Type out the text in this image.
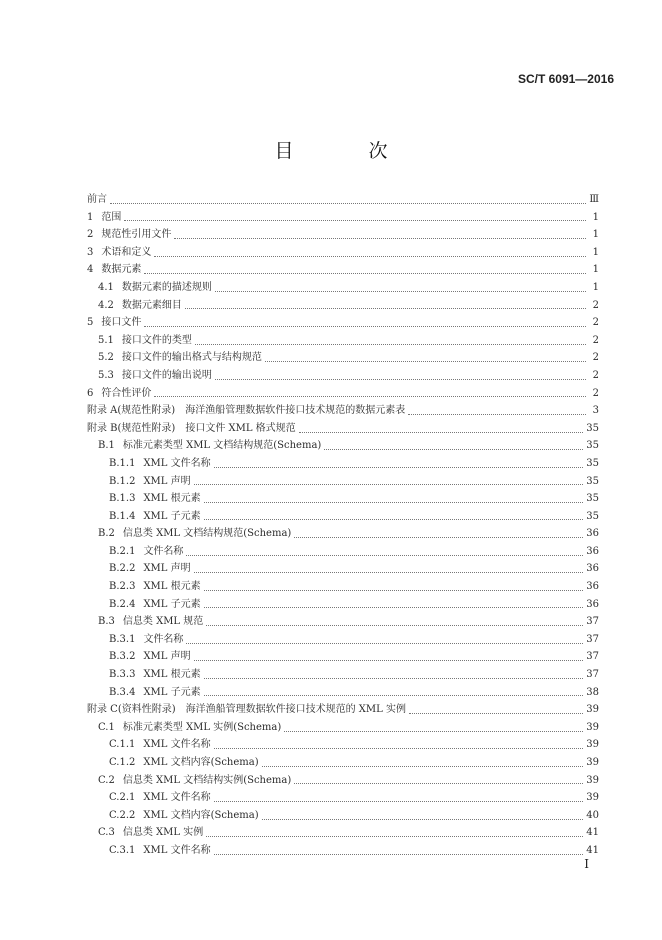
SC/T 6091—2016
目　次
前言	Ⅲ
1 范围	1
2 规范性引用文件	1
3 术语和定义	1
4 数据元素	1
4.1 数据元素的描述规则	1
4.2 数据元素细目	2
5 接口文件	2
5.1 接口文件的类型	2
5.2 接口文件的输出格式与结构规范	2
5.3 接口文件的输出说明	2
6 符合性评价	2
附录 A(规范性附录)　海洋渔船管理数据软件接口技术规范的数据元素表	3
附录 B(规范性附录)　接口文件 XML 格式规范	35
B.1 标准元素类型 XML 文档结构规范(Schema)	35
B.1.1 XML 文件名称	35
B.1.2 XML 声明	35
B.1.3 XML 根元素	35
B.1.4 XML 子元素	35
B.2 信息类 XML 文档结构规范(Schema)	36
B.2.1 文件名称	36
B.2.2 XML 声明	36
B.2.3 XML 根元素	36
B.2.4 XML 子元素	36
B.3 信息类 XML 规范	37
B.3.1 文件名称	37
B.3.2 XML 声明	37
B.3.3 XML 根元素	37
B.3.4 XML 子元素	38
附录 C(资料性附录)　海洋渔船管理数据软件接口技术规范的 XML 实例	39
C.1 标准元素类型 XML 实例(Schema)	39
C.1.1 XML 文件名称	39
C.1.2 XML 文档内容(Schema)	39
C.2 信息类 XML 文档结构实例(Schema)	39
C.2.1 XML 文件名称	39
C.2.2 XML 文档内容(Schema)	40
C.3 信息类 XML 实例	41
C.3.1 XML 文件名称	41
I
